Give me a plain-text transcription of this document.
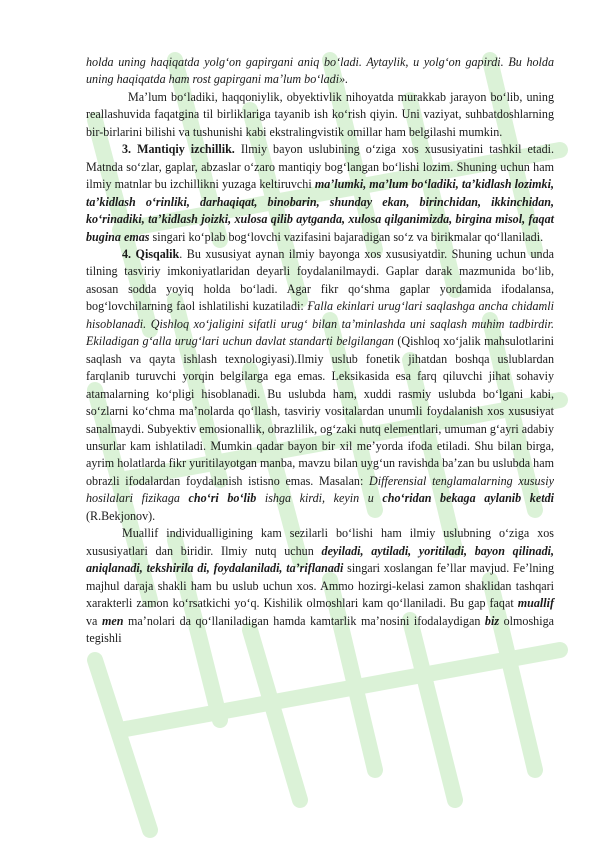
holda uning haqiqatda yolg‘on gapirgani aniq bo‘ladi. Aytaylik, u yolg‘on gapirdi. Bu holda uning haqiqatda ham rost gapirgani ma’lum bo‘ladi».

Ma’lum bo‘ladiki, haqqoniylik, obyektivlik nihoyatda murakkab jarayon bo‘lib, uning reallashuvida faqatgina til birliklariga tayanib ish ko‘rish qiyin. Uni vaziyat, suhbatdoshlarning bir-birlarini bilishi va tushunishi kabi ekstralingvistik omillar ham belgilashi mumkin.

3. Mantiqiy izchillik. Ilmiy bayon uslubining o‘ziga xos xususiyatini tashkil etadi. Matnda so‘zlar, gaplar, abzaslar o‘zaro mantiqiy bog‘langan bo‘lishi lozim. Shuning uchun ham ilmiy matnlar bu izchillikni yuzaga keltiruvchi ma’lumki, ma’lum bo‘ladiki, ta’kidlash lozimki, ta’kidlash o‘rinliki, darhaqiqat, binobarin, shunday ekan, birinchidan, ikkinchidan, ko‘rinadiki, ta’kidlash joizki, xulosa qilib aytganda, xulosa qilganimizda, birgina misol, faqat bugina emas singari ko‘plab bog‘lovchi vazifasini bajaradigan so‘z va birikmalar qo‘llaniladi.

4. Qisqalik. Bu xususiyat aynan ilmiy bayonga xos xususiyatdir. Shuning uchun unda tilning tasviriy imkoniyatlaridan deyarli foydalanilmaydi. Gaplar darak mazmunida bo‘lib, asosan sodda yoyiq holda bo‘ladi. Agar fikr qo‘shma gaplar yordamida ifodalansa, bog‘lovchilarning faol ishlatilishi kuzatiladi: Ғalla ekinlari urug‘lari saqlashga ancha chidamli hisoblanadi. Qishloq xo‘jaligini sifatli urug‘ bilan ta’minlashda uni saqlash muhim tadbirdir. Ekiladigan g‘alla urug‘lari uchun davlat standarti belgilangan (Qishloq xo‘jalik mahsulotlarini saqlash va qayta ishlash texnologiyasi).Ilmiy uslub fonetik jihatdan boshqa uslublardan farqlanib turuvchi yorqin belgilarga ega emas. Leksikasida esa farq qiluvchi jihat sohaviy atamalarning ko‘pligi hisoblanadi. Bu uslubda ham, xuddi rasmiy uslubda bo‘lgani kabi, so‘zlarni ko‘chma ma’nolarda qo‘llash, tasviriy vositalardan unumli foydalanish xos xususiyat sanalmaydi. Subyektiv emosionallik, obrazlilik, og‘zaki nutq elementlari, umuman g‘ayri adabiy unsurlar kam ishlatiladi. Mumkin qadar bayon bir xil me’yorda ifoda etiladi. Shu bilan birga, ayrim holatlarda fikr yuritilayotgan manba, mavzu bilan uyg‘un ravishda ba’zan bu uslubda ham obrazli ifodalardan foydalanish istisno emas. Masalan: Differensial tenglamalarning xususiy hosilalari fizikaga cho‘ri bo‘lib ishga kirdi, keyin u cho‘ridan bekaga aylanib ketdi (R.Bekjonov).

Muallif individualligining kam sezilarli bo‘lishi ham ilmiy uslubning o‘ziga xos xususiyatlari dan biridir. Ilmiy nutq uchun deyiladi, aytiladi, yoritiladi, bayon qilinadi, aniqlanadi, tekshirila di, foydalaniladi, ta’riflanadi singari xoslangan fe’llar mavjud. Fe’lning majhul daraja shakli ham bu uslub uchun xos. Ammo hozirgi-kelasi zamon shaklidan tashqari xarakterli zamon ko‘rsatkichi yo‘q. Kishilik olmoshlari kam qo‘llaniladi. Bu gap faqat muallif va men ma’nolari da qo‘llaniladigan hamda kamtarlik ma’nosini ifodalaydigan biz olmoshiga tegishli
